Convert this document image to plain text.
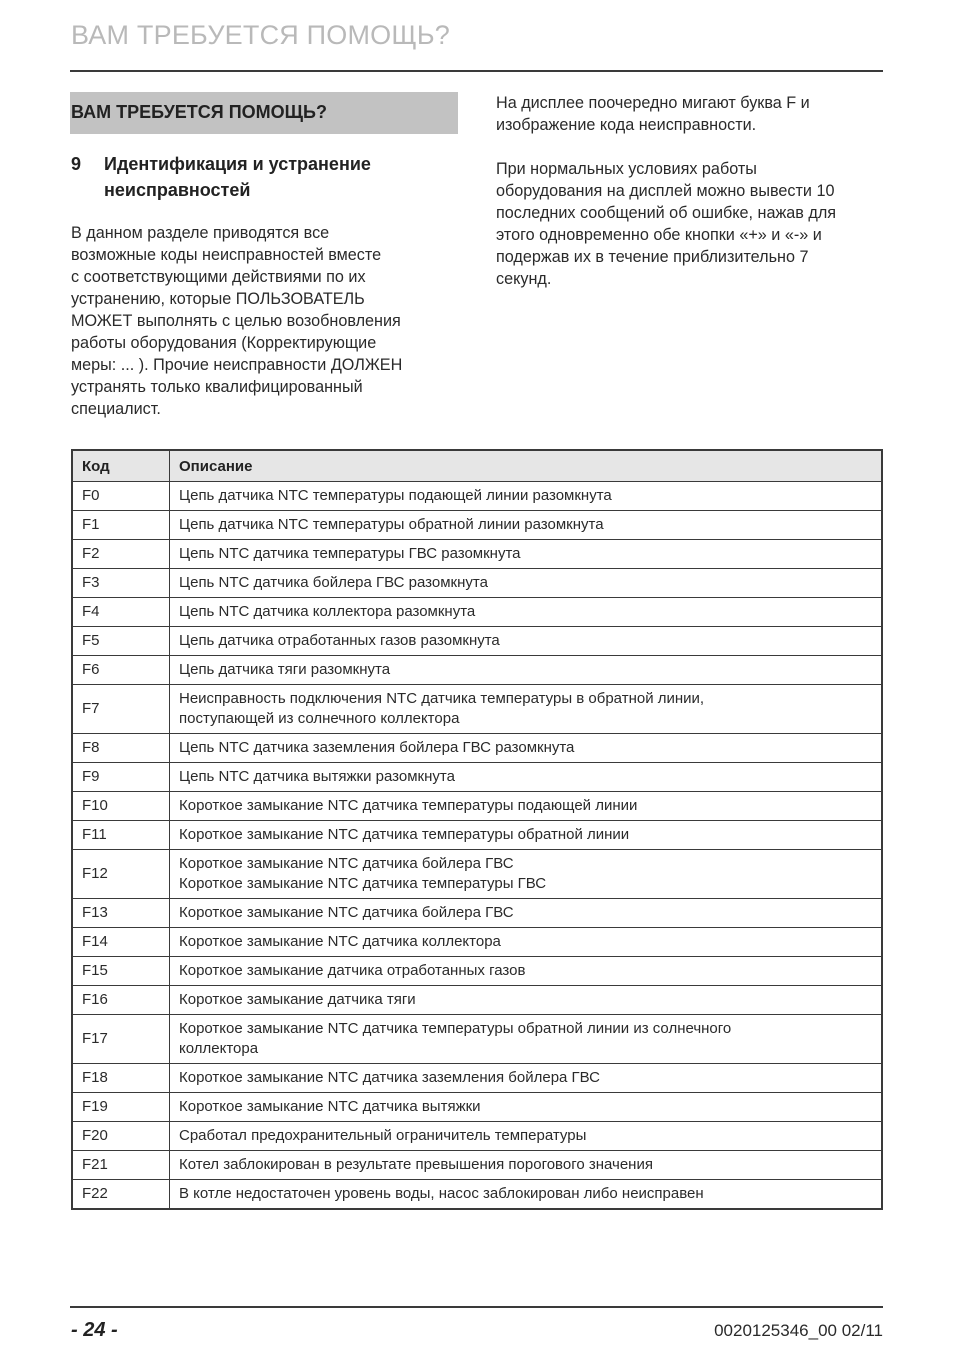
ВАМ ТРЕБУЕТСЯ ПОМОЩЬ?
ВАМ ТРЕБУЕТСЯ ПОМОЩЬ?
9 Идентификация и устранение неисправностей
В данном разделе приводятся все
возможные коды неисправностей вместе
с соответствующими действиями по их
устранению, которые ПОЛЬЗОВАТЕЛЬ
МОЖЕТ выполнять с целью возобновления
работы оборудования (Корректирующие
меры: ... ). Прочие неисправности ДОЛЖЕН
устранять только квалифицированный
специалист.

На дисплее поочередно мигают буква F и
изображение кода неисправности.

При нормальных условиях работы
оборудования на дисплей можно вывести 10
последних сообщений об ошибке, нажав для
этого одновременно обе кнопки «+» и «-» и
подержав их в течение приблизительно 7
секунд.

Код	Описание
F0	Цепь датчика NTC температуры подающей линии разомкнута

F1	Цепь датчика NTC температуры обратной линии разомкнута

F2	Цепь NTC датчика температуры ГВС разомкнута

F3	Цепь NTC датчика бойлера ГВС разомкнута

F4	Цепь NTC датчика коллектора разомкнута

F5	Цепь датчика отработанных газов разомкнута

F6	Цепь датчика тяги разомкнута

F7	Неисправность подключения NTC датчика температуры в обратной линии,
поступающей из солнечного коллектора

F8	Цепь NTC датчика заземления бойлера ГВС разомкнута

F9	Цепь NTC датчика вытяжки разомкнута

F10	Короткое замыкание NTC датчика температуры подающей линии

F11	Короткое замыкание NTC датчика температуры обратной линии

F12	Короткое замыкание NTC датчика бойлера ГВС
Короткое замыкание NTC датчика температуры ГВС

F13	Короткое замыкание NTC датчика бойлера ГВС

F14	Короткое замыкание NTC датчика коллектора

F15	Короткое замыкание датчика отработанных газов

F16	Короткое замыкание датчика тяги

F17	Короткое замыкание NTC датчика температуры обратной линии из солнечного
коллектора

F18	Короткое замыкание NTC датчика заземления бойлера ГВС

F19	Короткое замыкание NTC датчика вытяжки

F20	Сработал предохранительный ограничитель температуры

F21	Котел заблокирован в результате превышения порогового значения

F22	В котле недостаточен уровень воды, насос заблокирован либо неисправен
- 24 -	0020125346_00 02/11
